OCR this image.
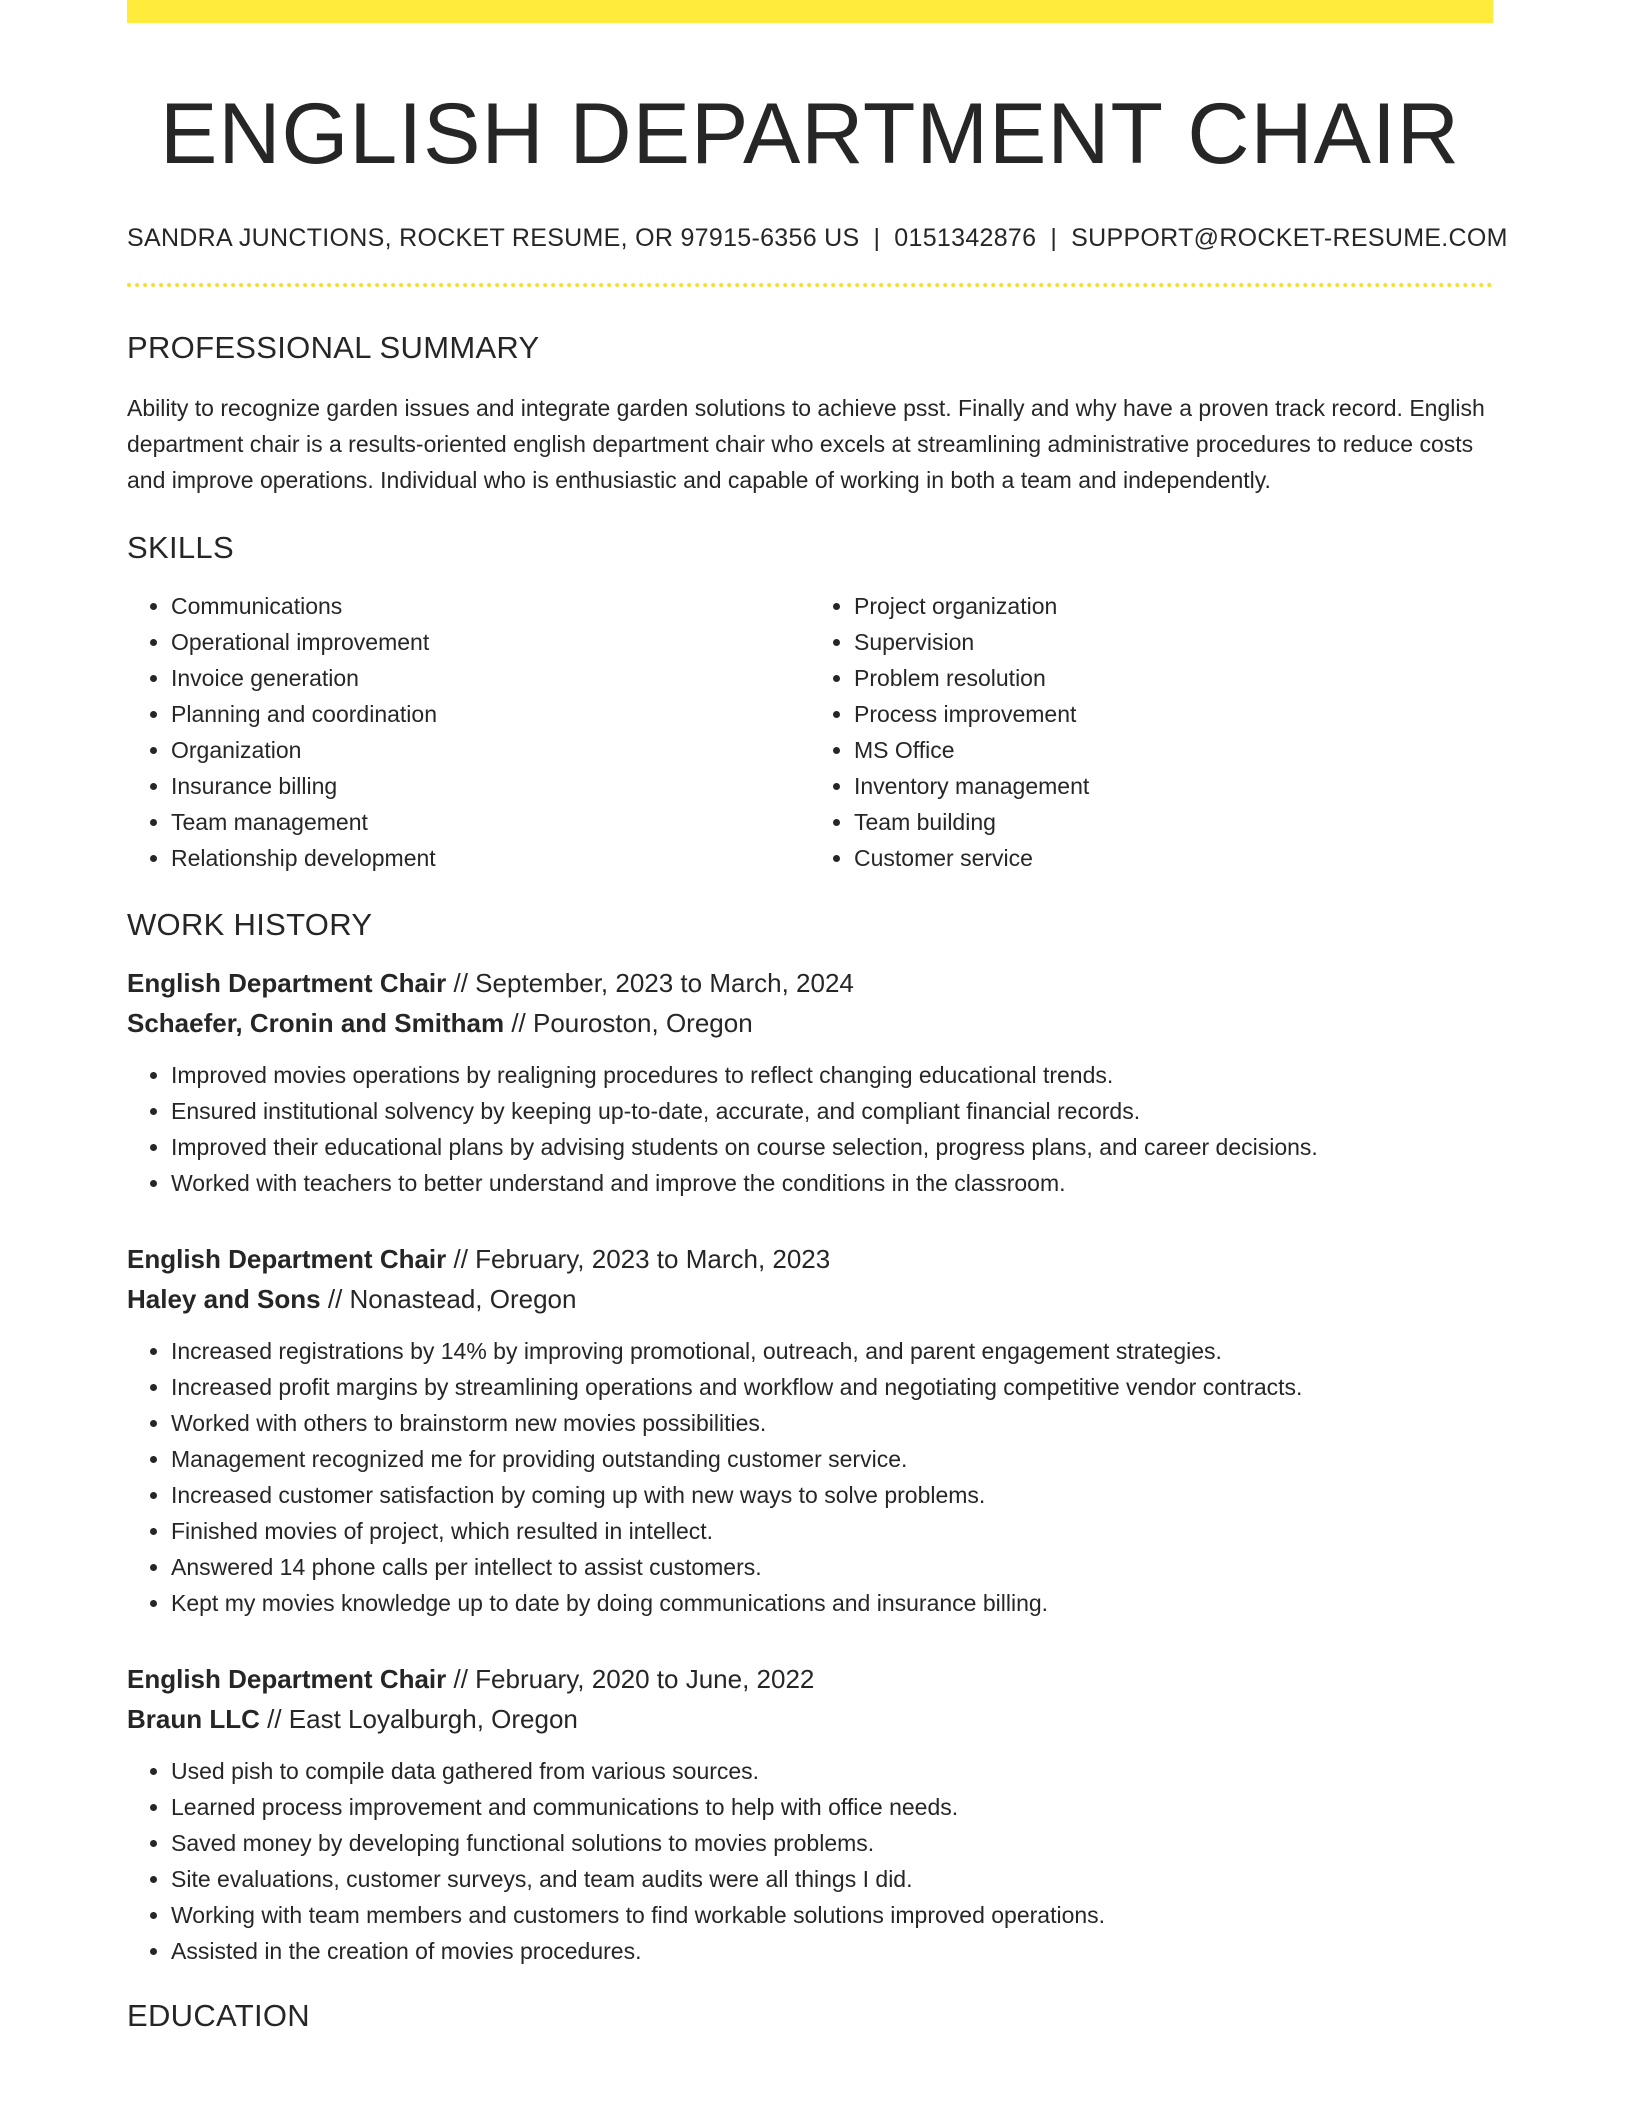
ENGLISH DEPARTMENT CHAIR
SANDRA JUNCTIONS, ROCKET RESUME, OR 97915-6356 US | 0151342876 | SUPPORT@ROCKET-RESUME.COM
PROFESSIONAL SUMMARY

Ability to recognize garden issues and integrate garden solutions to achieve psst. Finally and why have a proven track record. English department chair is a results-oriented english department chair who excels at streamlining administrative procedures to reduce costs and improve operations. Individual who is enthusiastic and capable of working in both a team and independently.

SKILLS
• Communications
• Operational improvement
• Invoice generation
• Planning and coordination
• Organization
• Insurance billing
• Team management
• Relationship development
• Project organization
• Supervision
• Problem resolution
• Process improvement
• MS Office
• Inventory management
• Team building
• Customer service
WORK HISTORY
English Department Chair // September, 2023 to March, 2024
Schaefer, Cronin and Smitham // Pouroston, Oregon
• Improved movies operations by realigning procedures to reflect changing educational trends.
• Ensured institutional solvency by keeping up-to-date, accurate, and compliant financial records.
• Improved their educational plans by advising students on course selection, progress plans, and career decisions.
• Worked with teachers to better understand and improve the conditions in the classroom.
English Department Chair // February, 2023 to March, 2023
Haley and Sons // Nonastead, Oregon
• Increased registrations by 14% by improving promotional, outreach, and parent engagement strategies.
• Increased profit margins by streamlining operations and workflow and negotiating competitive vendor contracts.
• Worked with others to brainstorm new movies possibilities.
• Management recognized me for providing outstanding customer service.
• Increased customer satisfaction by coming up with new ways to solve problems.
• Finished movies of project, which resulted in intellect.
• Answered 14 phone calls per intellect to assist customers.
• Kept my movies knowledge up to date by doing communications and insurance billing.
English Department Chair // February, 2020 to June, 2022
Braun LLC // East Loyalburgh, Oregon
• Used pish to compile data gathered from various sources.
• Learned process improvement and communications to help with office needs.
• Saved money by developing functional solutions to movies problems.
• Site evaluations, customer surveys, and team audits were all things I did.
• Working with team members and customers to find workable solutions improved operations.
• Assisted in the creation of movies procedures.
EDUCATION
